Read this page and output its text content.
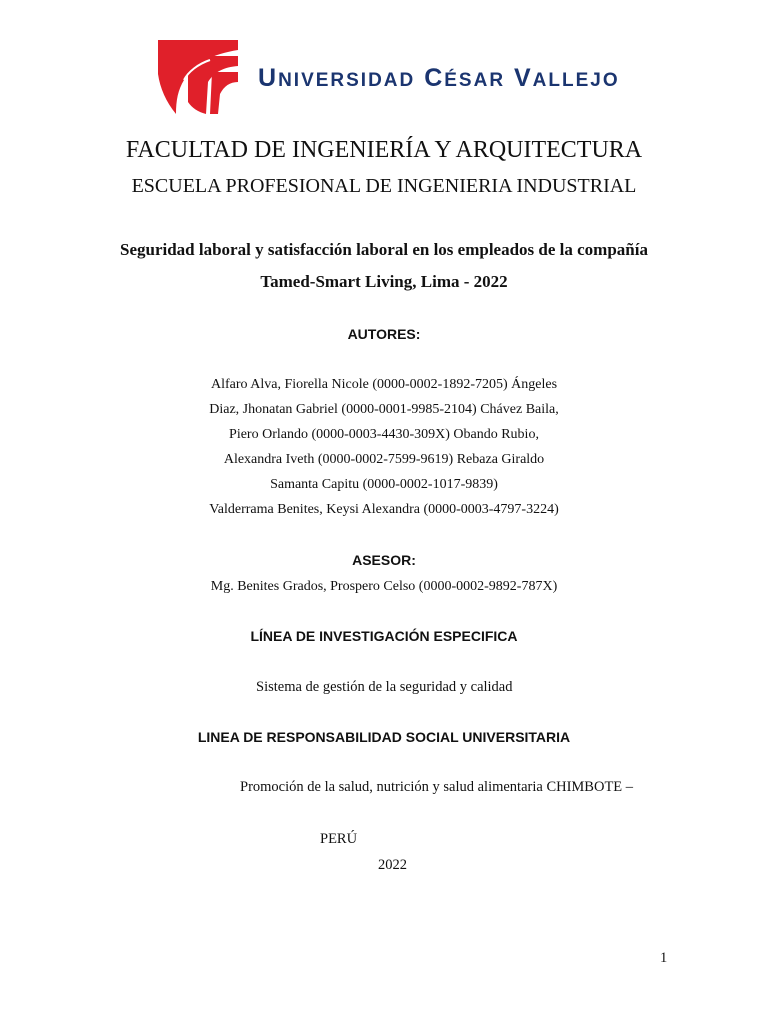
UNIVERSIDAD CÉSAR VALLEJO
FACULTAD DE INGENIERÍA Y ARQUITECTURA
ESCUELA PROFESIONAL DE INGENIERIA INDUSTRIAL
Seguridad laboral y satisfacción laboral en los empleados de la compañía
Tamed-Smart Living, Lima - 2022
AUTORES:
Alfaro Alva, Fiorella Nicole (0000-0002-1892-7205) Ángeles
Diaz, Jhonatan Gabriel (0000-0001-9985-2104) Chávez Baila,
Piero Orlando (0000-0003-4430-309X) Obando Rubio,
Alexandra Iveth (0000-0002-7599-9619) Rebaza Giraldo
Samanta Capitu (0000-0002-1017-9839)
Valderrama Benites, Keysi Alexandra (0000-0003-4797-3224)
ASESOR:
Mg. Benites Grados, Prospero Celso (0000-0002-9892-787X)
LÍNEA DE INVESTIGACIÓN ESPECIFICA
Sistema de gestión de la seguridad y calidad
LINEA DE RESPONSABILIDAD SOCIAL UNIVERSITARIA
Promoción de la salud, nutrición y salud alimentaria CHIMBOTE –
PERÚ
2022
1
